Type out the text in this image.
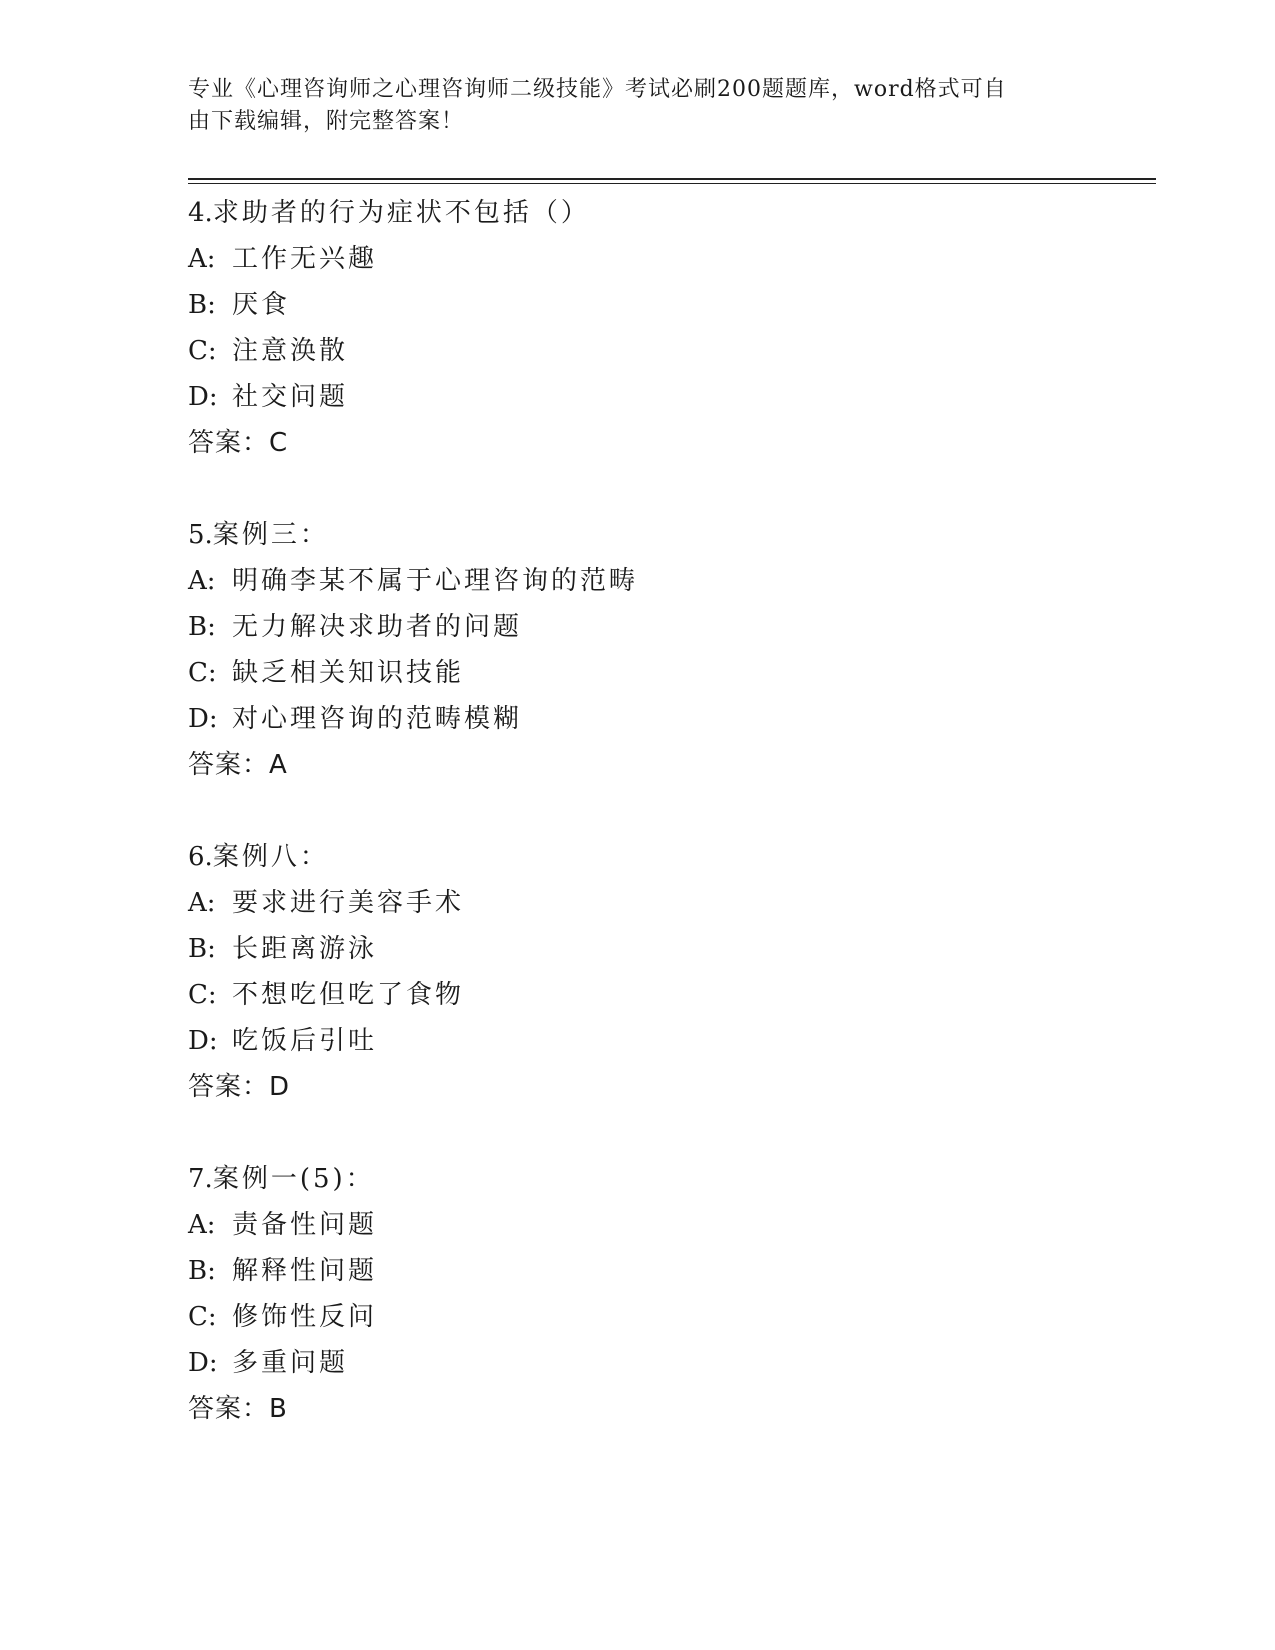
专业《心理咨询师之心理咨询师二级技能》考试必刷200题题库，word格式可自
由下载编辑，附完整答案！
4.求助者的行为症状不包括（）
A: 工作无兴趣
B: 厌食
C: 注意涣散
D: 社交问题
答案：C
5.案例三：
A: 明确李某不属于心理咨询的范畴
B: 无力解决求助者的问题
C: 缺乏相关知识技能
D: 对心理咨询的范畴模糊
答案：A
6.案例八：
A: 要求进行美容手术
B: 长距离游泳
C: 不想吃但吃了食物
D: 吃饭后引吐
答案：D
7.案例一(5)：
A: 责备性问题
B: 解释性问题
C: 修饰性反问
D: 多重问题
答案：B
